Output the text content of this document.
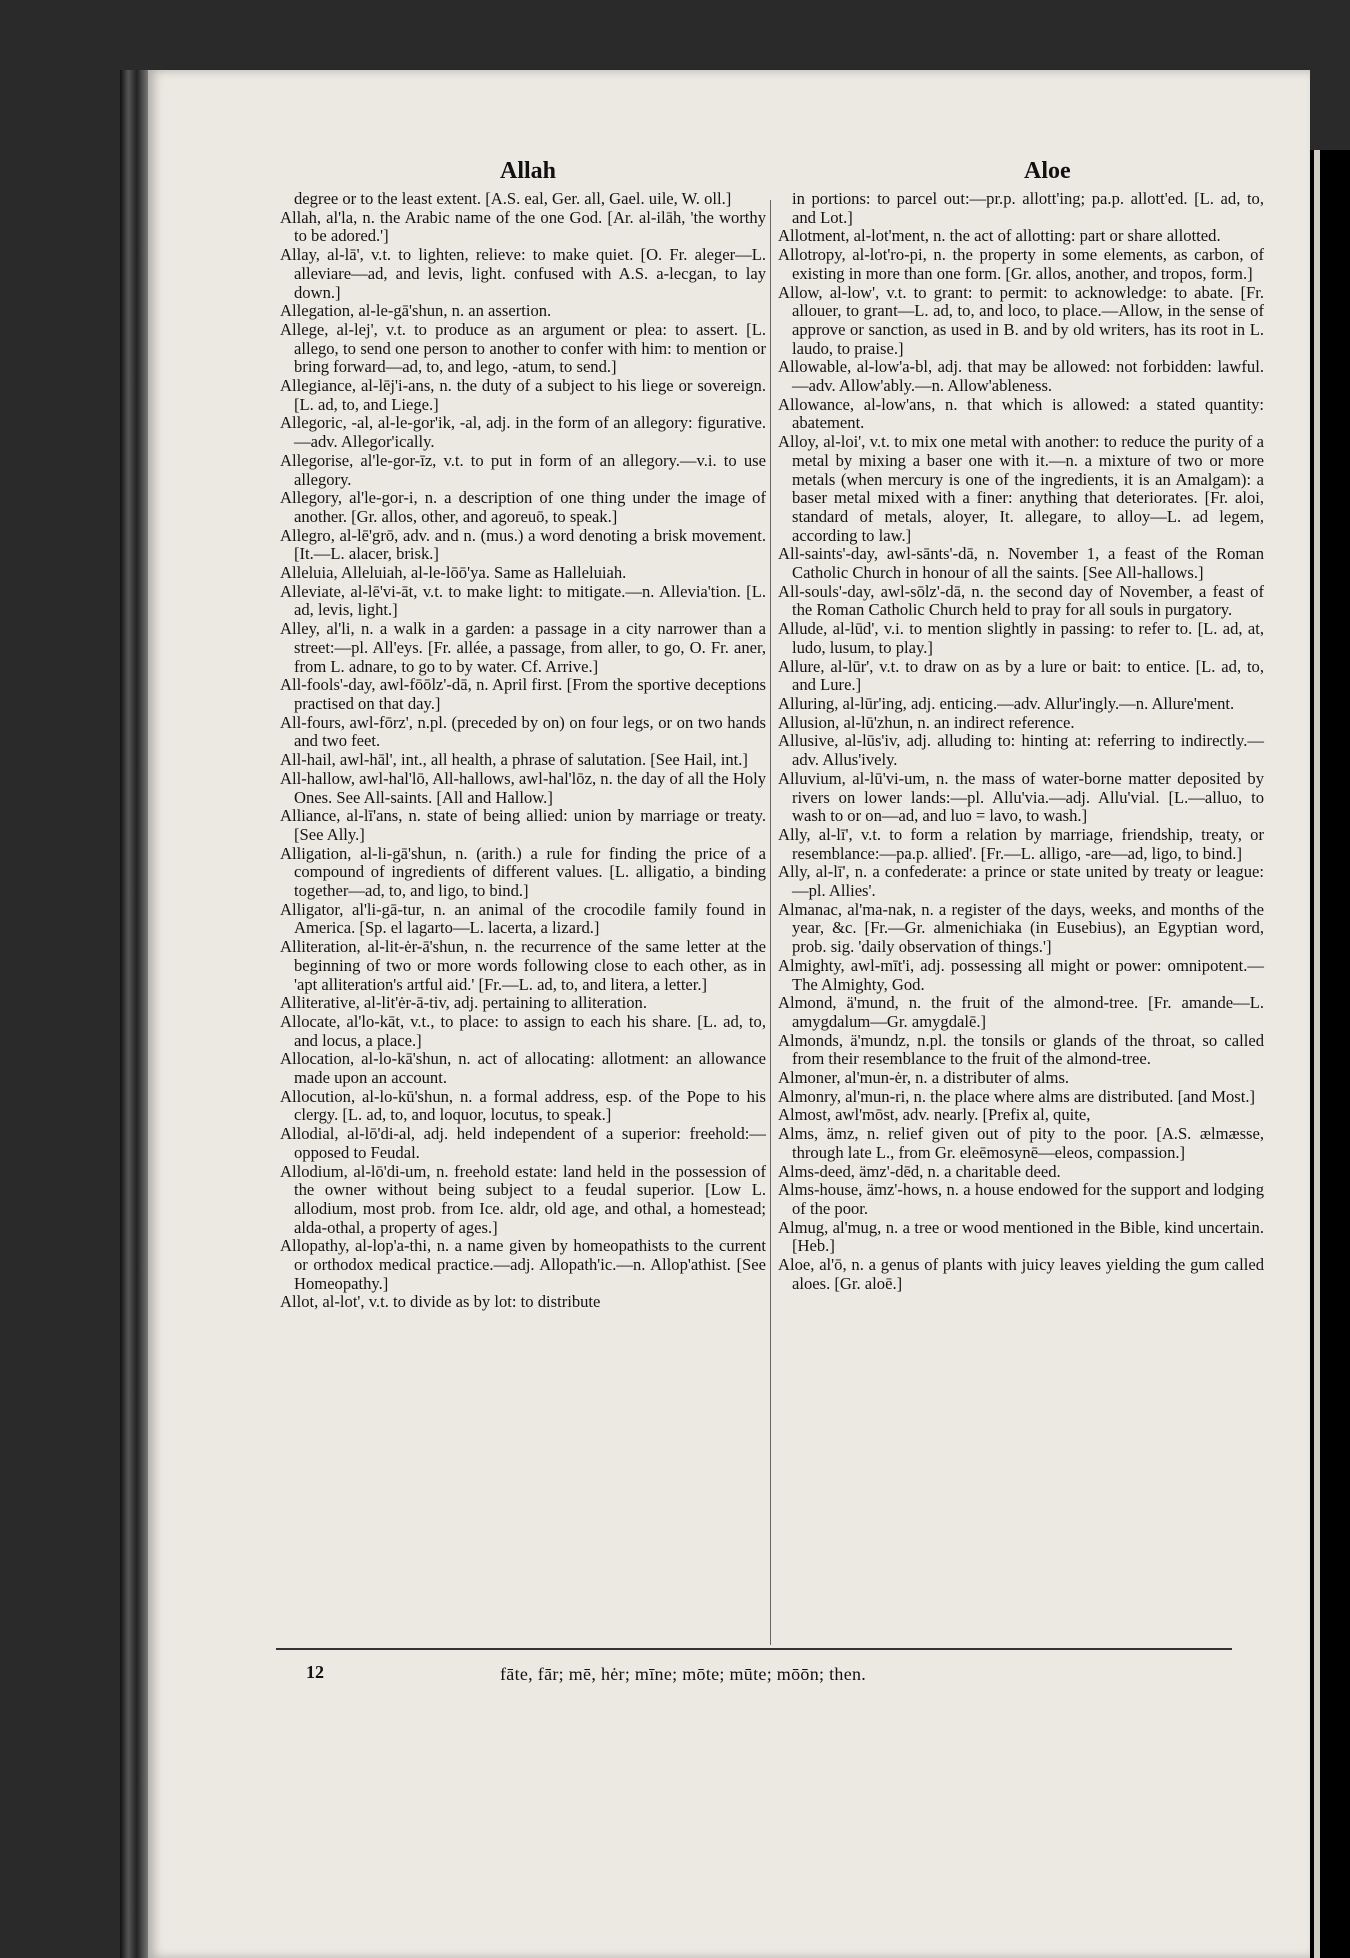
Allah	Aloe

degree or to the least extent. [A.S. eal, Ger. all, Gael. uile, W. oll.]

Allah, al'la, n. the Arabic name of the one God. [Ar. al-ilāh, 'the worthy to be adored.']

Allay, al-lā', v.t. to lighten, relieve: to make quiet. [O. Fr. aleger—L. alleviare—ad, and levis, light. confused with A.S. a-lecgan, to lay down.]

Allegation, al-le-gā'shun, n. an assertion.

Allege, al-lej', v.t. to produce as an argument or plea: to assert. [L. allego, to send one person to another to confer with him: to mention or bring forward—ad, to, and lego, -atum, to send.]

Allegiance, al-lēj'i-ans, n. the duty of a subject to his liege or sovereign. [L. ad, to, and Liege.]

Allegoric, -al, al-le-gor'ik, -al, adj. in the form of an allegory: figurative.—adv. Allegor'ically.

Allegorise, al'le-gor-īz, v.t. to put in form of an allegory.—v.i. to use allegory.

Allegory, al'le-gor-i, n. a description of one thing under the image of another. [Gr. allos, other, and agoreuō, to speak.]

Allegro, al-lē'grō, adv. and n. (mus.) a word denoting a brisk movement. [It.—L. alacer, brisk.]

Alleluia, Alleluiah, al-le-lōō'ya. Same as Halleluiah.

Alleviate, al-lē'vi-āt, v.t. to make light: to mitigate.—n. Allevia'tion. [L. ad, levis, light.]

Alley, al'li, n. a walk in a garden: a passage in a city narrower than a street:—pl. All'eys. [Fr. allée, a passage, from aller, to go, O. Fr. aner, from L. adnare, to go to by water. Cf. Arrive.]

All-fools'-day, awl-fōōlz'-dā, n. April first. [From the sportive deceptions practised on that day.]

All-fours, awl-fōrz', n.pl. (preceded by on) on four legs, or on two hands and two feet.

All-hail, awl-hāl', int., all health, a phrase of salutation. [See Hail, int.]

All-hallow, awl-hal'lō, All-hallows, awl-hal'lōz, n. the day of all the Holy Ones. See All-saints. [All and Hallow.]

Alliance, al-lī'ans, n. state of being allied: union by marriage or treaty. [See Ally.]

Alligation, al-li-gā'shun, n. (arith.) a rule for finding the price of a compound of ingredients of different values. [L. alligatio, a binding together—ad, to, and ligo, to bind.]

Alligator, al'li-gā-tur, n. an animal of the crocodile family found in America. [Sp. el lagarto—L. lacerta, a lizard.]

Alliteration, al-lit-ėr-ā'shun, n. the recurrence of the same letter at the beginning of two or more words following close to each other, as in 'apt alliteration's artful aid.' [Fr.—L. ad, to, and litera, a letter.]

Alliterative, al-lit'ėr-ā-tiv, adj. pertaining to alliteration.

Allocate, al'lo-kāt, v.t., to place: to assign to each his share. [L. ad, to, and locus, a place.]

Allocation, al-lo-kā'shun, n. act of allocating: allotment: an allowance made upon an account.

Allocution, al-lo-kū'shun, n. a formal address, esp. of the Pope to his clergy. [L. ad, to, and loquor, locutus, to speak.]

Allodial, al-lō'di-al, adj. held independent of a superior: freehold:—opposed to Feudal.

Allodium, al-lō'di-um, n. freehold estate: land held in the possession of the owner without being subject to a feudal superior. [Low L. allodium, most prob. from Ice. aldr, old age, and othal, a homestead; alda-othal, a property of ages.]

Allopathy, al-lop'a-thi, n. a name given by homeopathists to the current or orthodox medical practice.—adj. Allopath'ic.—n. Allop'athist. [See Homeopathy.]

Allot, al-lot', v.t. to divide as by lot: to distribute

in portions: to parcel out:—pr.p. allott'ing; pa.p. allott'ed. [L. ad, to, and Lot.]

Allotment, al-lot'ment, n. the act of allotting: part or share allotted.

Allotropy, al-lot'ro-pi, n. the property in some elements, as carbon, of existing in more than one form. [Gr. allos, another, and tropos, form.]

Allow, al-low', v.t. to grant: to permit: to acknowledge: to abate. [Fr. allouer, to grant—L. ad, to, and loco, to place.—Allow, in the sense of approve or sanction, as used in B. and by old writers, has its root in L. laudo, to praise.]

Allowable, al-low'a-bl, adj. that may be allowed: not forbidden: lawful.—adv. Allow'ably.—n. Allow'ableness.

Allowance, al-low'ans, n. that which is allowed: a stated quantity: abatement.

Alloy, al-loi', v.t. to mix one metal with another: to reduce the purity of a metal by mixing a baser one with it.—n. a mixture of two or more metals (when mercury is one of the ingredients, it is an Amalgam): a baser metal mixed with a finer: anything that deteriorates. [Fr. aloi, standard of metals, aloyer, It. allegare, to alloy—L. ad legem, according to law.]

All-saints'-day, awl-sānts'-dā, n. November 1, a feast of the Roman Catholic Church in honour of all the saints. [See All-hallows.]

All-souls'-day, awl-sōlz'-dā, n. the second day of November, a feast of the Roman Catholic Church held to pray for all souls in purgatory.

Allude, al-lūd', v.i. to mention slightly in passing: to refer to. [L. ad, at, ludo, lusum, to play.]

Allure, al-lūr', v.t. to draw on as by a lure or bait: to entice. [L. ad, to, and Lure.]

Alluring, al-lūr'ing, adj. enticing.—adv. Allur'ingly.—n. Allure'ment.

Allusion, al-lū'zhun, n. an indirect reference.

Allusive, al-lūs'iv, adj. alluding to: hinting at: referring to indirectly.—adv. Allus'ively.

Alluvium, al-lū'vi-um, n. the mass of water-borne matter deposited by rivers on lower lands:—pl. Allu'via.—adj. Allu'vial. [L.—alluo, to wash to or on—ad, and luo = lavo, to wash.]

Ally, al-lī', v.t. to form a relation by marriage, friendship, treaty, or resemblance:—pa.p. allied'. [Fr.—L. alligo, -are—ad, ligo, to bind.]

Ally, al-lī', n. a confederate: a prince or state united by treaty or league:—pl. Allies'.

Almanac, al'ma-nak, n. a register of the days, weeks, and months of the year, &c. [Fr.—Gr. almenichiaka (in Eusebius), an Egyptian word, prob. sig. 'daily observation of things.']

Almighty, awl-mīt'i, adj. possessing all might or power: omnipotent.—The Almighty, God.

Almond, ä'mund, n. the fruit of the almond-tree. [Fr. amande—L. amygdalum—Gr. amygdalē.]

Almonds, ä'mundz, n.pl. the tonsils or glands of the throat, so called from their resemblance to the fruit of the almond-tree.

Almoner, al'mun-ėr, n. a distributer of alms.

Almonry, al'mun-ri, n. the place where alms are distributed. [and Most.]

Almost, awl'mōst, adv. nearly. [Prefix al, quite,

Alms, ämz, n. relief given out of pity to the poor. [A.S. ælmæsse, through late L., from Gr. eleēmosynē—eleos, compassion.]

Alms-deed, ämz'-dēd, n. a charitable deed.

Alms-house, ämz'-hows, n. a house endowed for the support and lodging of the poor.

Almug, al'mug, n. a tree or wood mentioned in the Bible, kind uncertain. [Heb.]

Aloe, al'ō, n. a genus of plants with juicy leaves yielding the gum called aloes. [Gr. aloē.]

12	fāte, fār; mē, hėr; mīne; mōte; mūte; mōōn; then.
